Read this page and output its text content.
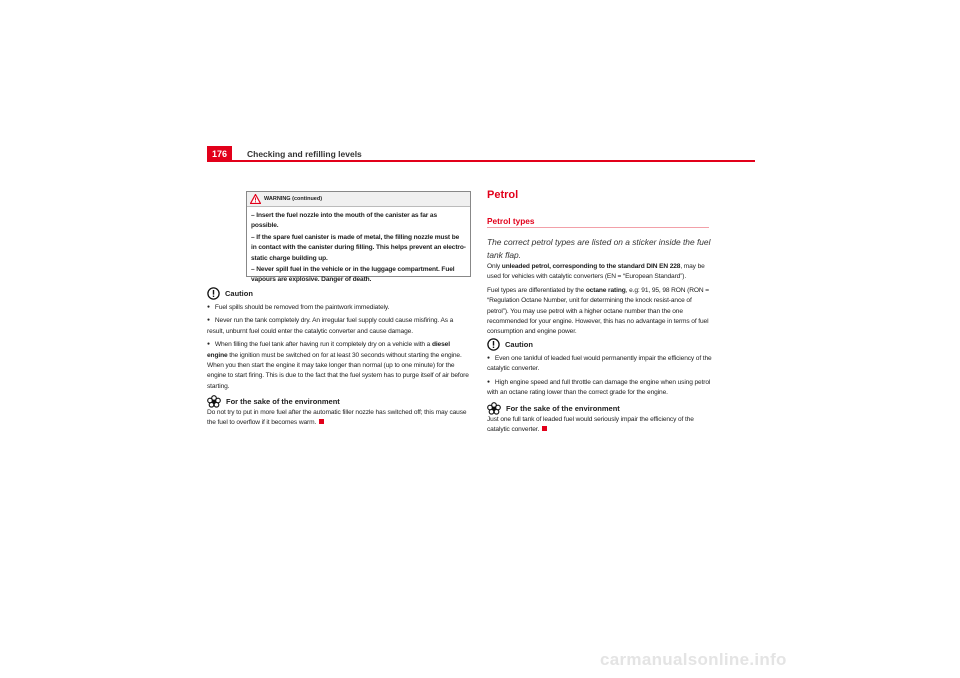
176	Checking and refilling levels
WARNING (continued)

– Insert the fuel nozzle into the mouth of the canister as far as possible.

– If the spare fuel canister is made of metal, the filling nozzle must be in contact with the canister during filling. This helps prevent an electro-static charge building up.

– Never spill fuel in the vehicle or in the luggage compartment. Fuel vapours are explosive. Danger of death.

Caution
● Fuel spills should be removed from the paintwork immediately.
● Never run the tank completely dry. An irregular fuel supply could cause misfiring. As a result, unburnt fuel could enter the catalytic converter and cause damage.
● When filling the fuel tank after having run it completely dry on a vehicle with a diesel engine the ignition must be switched on for at least 30 seconds without starting the engine. When you then start the engine it may take longer than normal (up to one minute) for the engine to start firing. This is due to the fact that the fuel system has to purge itself of air before starting.
For the sake of the environment
Do not try to put in more fuel after the automatic filler nozzle has switched off; this may cause the fuel to overflow if it becomes warm.
Petrol
Petrol types
The correct petrol types are listed on a sticker inside the fuel tank flap.

Only unleaded petrol, corresponding to the standard DIN EN 228, may be used for vehicles with catalytic converters (EN = “European Standard”).

Fuel types are differentiated by the octane rating, e.g: 91, 95, 98 RON (RON = “Regulation Octane Number, unit for determining the knock resist-ance of petrol”). You may use petrol with a higher octane number than the one recommended for your engine. However, this has no advantage in terms of fuel consumption and engine power.

Caution
● Even one tankful of leaded fuel would permanently impair the efficiency of the catalytic converter.
● High engine speed and full throttle can damage the engine when using petrol with an octane rating lower than the correct grade for the engine.
For the sake of the environment
Just one full tank of leaded fuel would seriously impair the efficiency of the catalytic converter.
carmanualsonline.info
